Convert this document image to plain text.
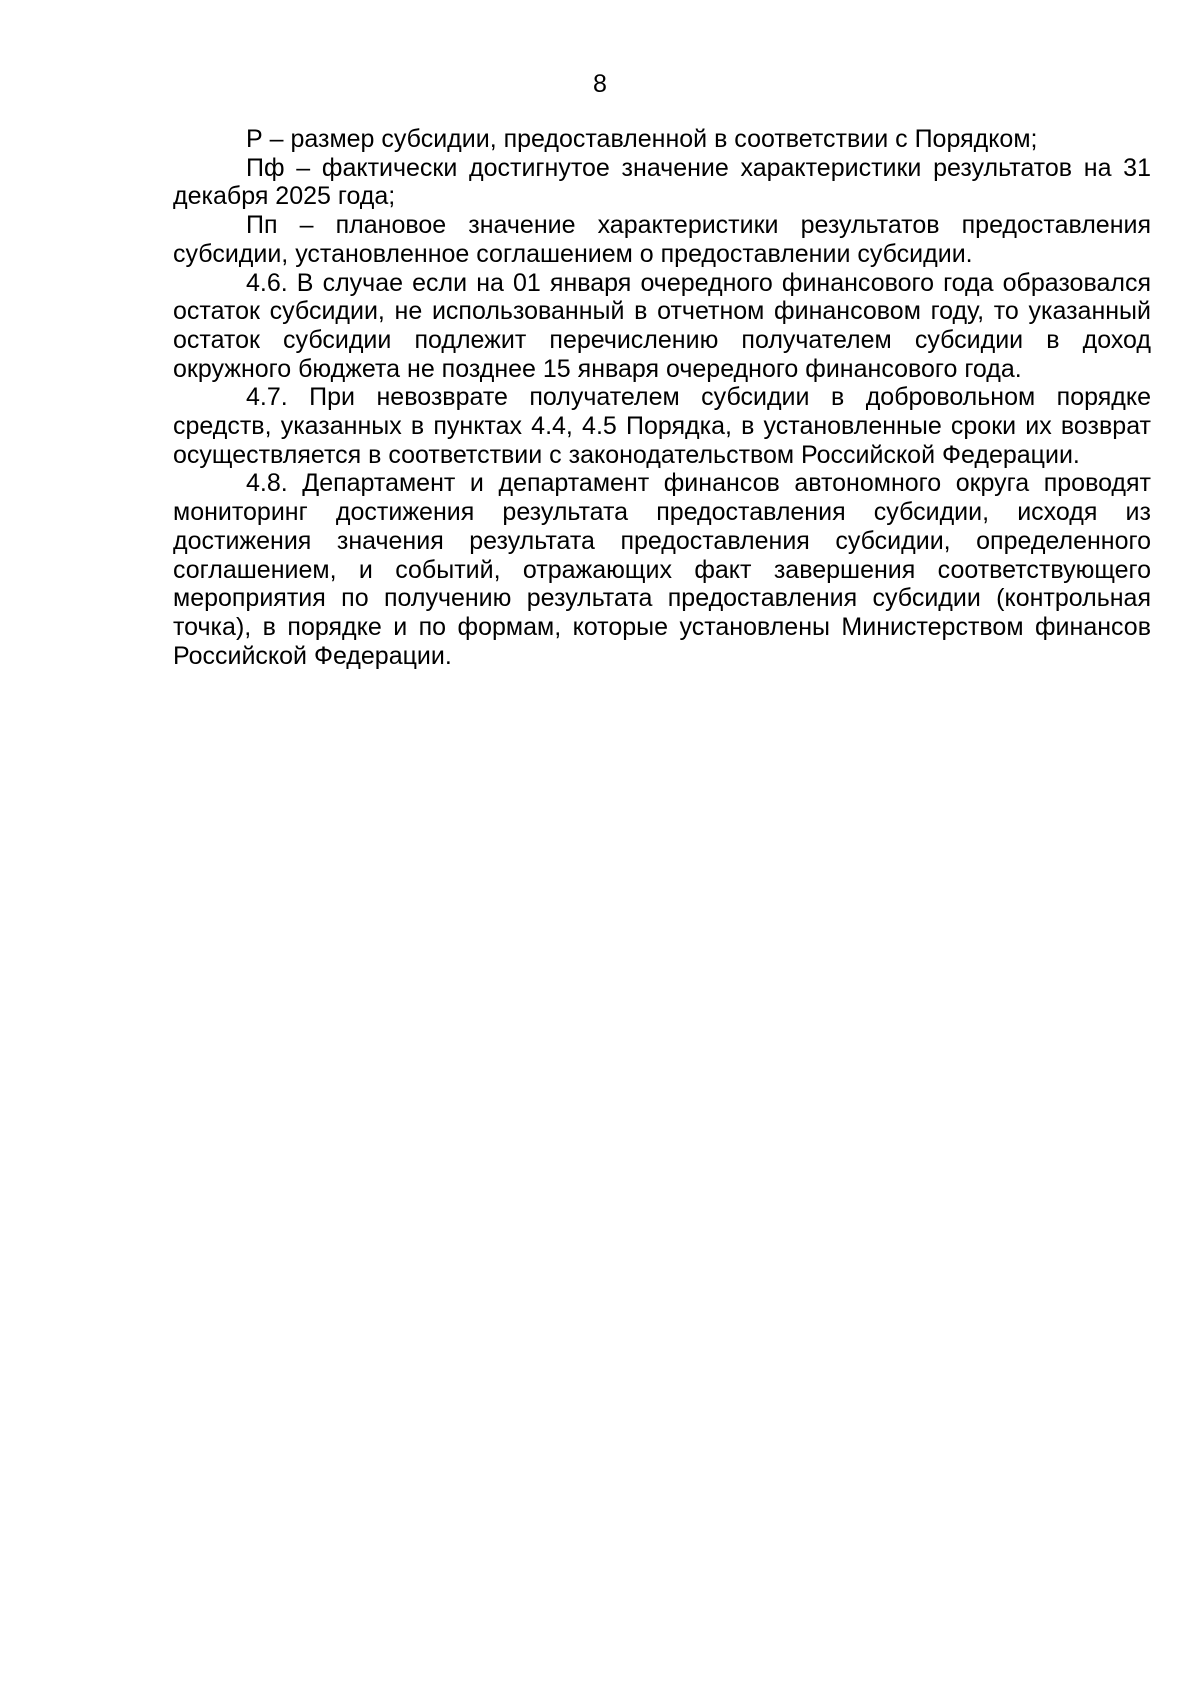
8

Р – размер субсидии, предоставленной в соответствии с Порядком;

Пф – фактически достигнутое значение характеристики результатов на 31 декабря 2025 года;

Пп – плановое значение характеристики результатов предоставления субсидии, установленное соглашением о предоставлении субсидии.

4.6. В случае если на 01 января очередного финансового года образовался остаток субсидии, не использованный в отчетном финансовом году, то указанный остаток субсидии подлежит перечислению получателем субсидии в доход окружного бюджета не позднее 15 января очередного финансового года.

4.7. При невозврате получателем субсидии в добровольном порядке средств, указанных в пунктах 4.4, 4.5 Порядка, в установленные сроки их возврат осуществляется в соответствии с законодательством Российской Федерации.

4.8. Департамент и департамент финансов автономного округа проводят мониторинг достижения результата предоставления субсидии, исходя из достижения значения результата предоставления субсидии, определенного соглашением, и событий, отражающих факт завершения соответствующего мероприятия по получению результата предоставления субсидии (контрольная точка), в порядке и по формам, которые установлены Министерством финансов Российской Федерации.
